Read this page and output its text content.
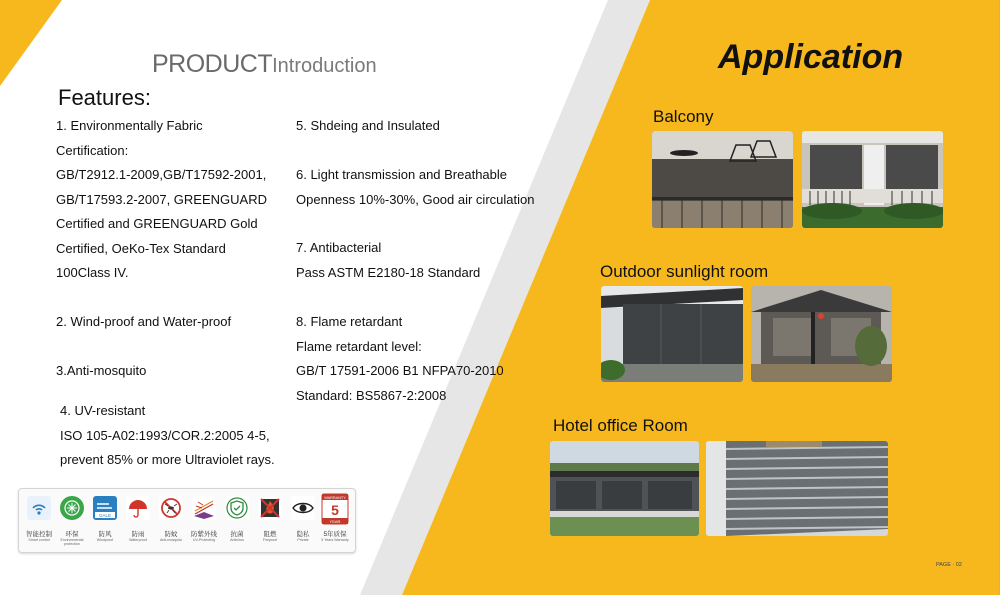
PRODUCTIntroduction
Features:
1. Environmentally Fabric
Certification:
GB/T2912.1-2009,GB/T17592-2001,
GB/T17593.2-2007, GREENGUARD
Certified and GREENGUARD Gold
Certified, OeKo-Tex Standard
100Class IV.
2. Wind-proof and Water-proof
3.Anti-mosquito
4. UV-resistant
ISO 105-A02:1993/COR.2:2005 4-5,
prevent 85% or more Ultraviolet rays.
5. Shdeing and Insulated
6. Light transmission and Breathable
Openness 10%-30%, Good air circulation
7. Antibacterial
Pass ASTM E2180-18 Standard
8. Flame retardant
Flame retardant level:
GB/T 17591-2006 B1 NFPA70-2010
Standard: BS5867-2:2008
Application
Balcony
Outdoor sunlight room
Hotel office Room
智能控制
Smart control
环保
Environmental protection
GALE
防风
Windproof
防雨
Waterproof
防蚊
Anti-mosquito
防紫外线
UV-Protecting
抗菌
Antivirus
阻燃
Fireproof
隐私
Private
WARRANTY
5
YEAR
5年质保
5 Years Warranty
PAGE · 02
